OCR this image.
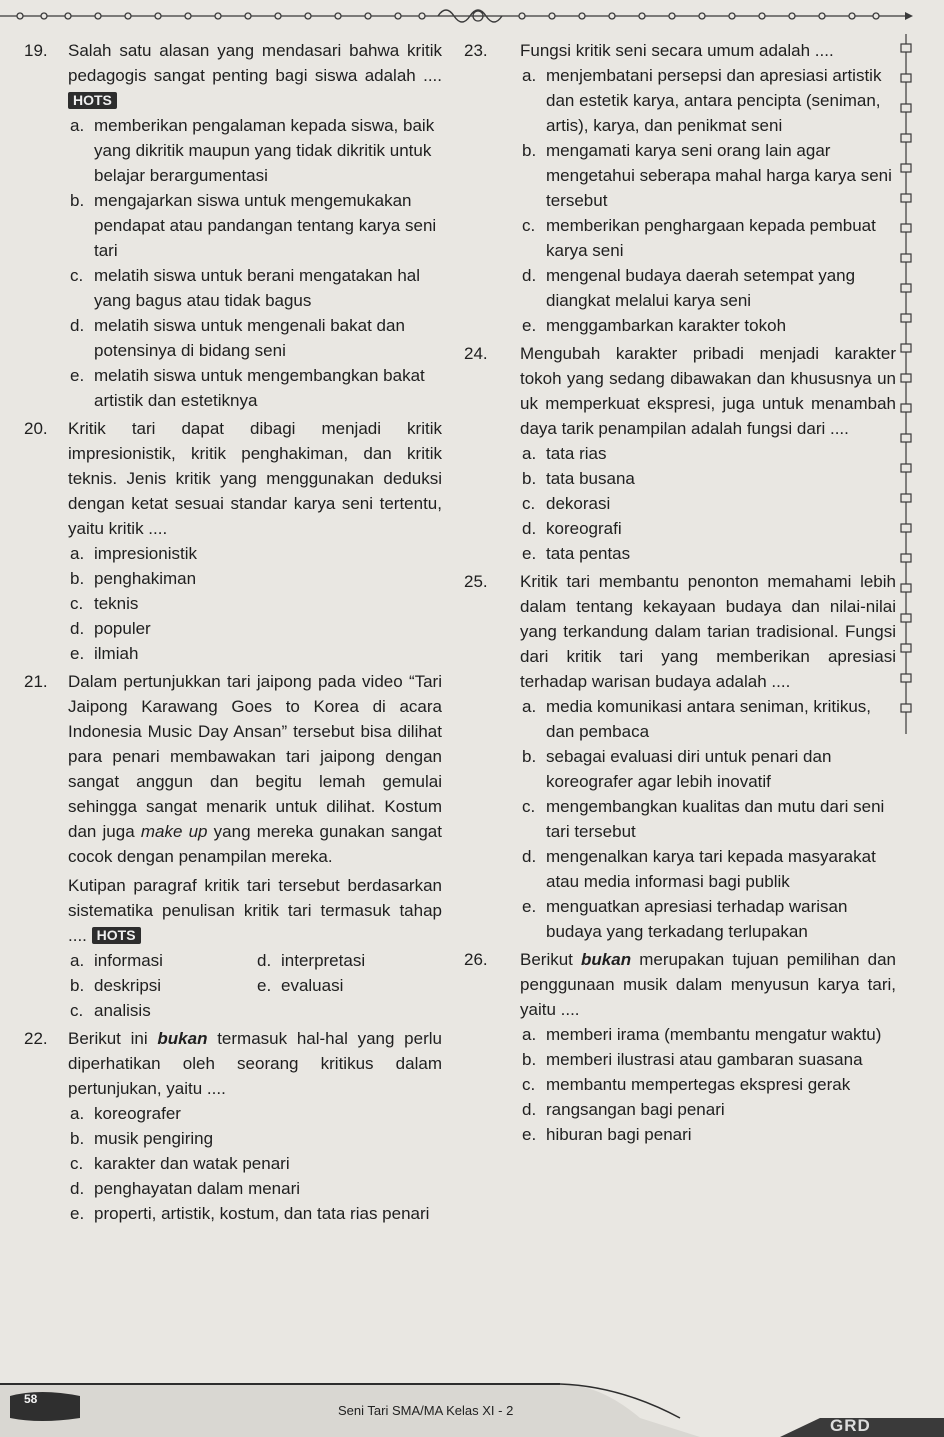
19. Salah satu alasan yang mendasari bahwa kritik pedagogis sangat penting bagi siswa adalah .... HOTS
a. memberikan pengalaman kepada siswa, baik yang dikritik maupun yang tidak dikritik untuk belajar berargumentasi
b. mengajarkan siswa untuk mengemukakan pendapat atau pandangan tentang karya seni tari
c. melatih siswa untuk berani mengatakan hal yang bagus atau tidak bagus
d. melatih siswa untuk mengenali bakat dan potensinya di bidang seni
e. melatih siswa untuk mengembangkan bakat artistik dan estetiknya
20. Kritik tari dapat dibagi menjadi kritik impresionistik, kritik penghakiman, dan kritik teknis. Jenis kritik yang menggunakan deduksi dengan ketat sesuai standar karya seni tertentu, yaitu kritik ....
a. impresionistik
b. penghakiman
c. teknis
d. populer
e. ilmiah
21. Dalam pertunjukkan tari jaipong pada video “Tari Jaipong Karawang Goes to Korea di acara Indonesia Music Day Ansan” tersebut bisa dilihat para penari membawakan tari jaipong dengan sangat anggun dan begitu lemah gemulai sehingga sangat menarik untuk dilihat. Kostum dan juga make up yang mereka gunakan sangat cocok dengan penampilan mereka.
Kutipan paragraf kritik tari tersebut berdasarkan sistematika penulisan kritik tari termasuk tahap .... HOTS
a. informasi	d. interpretasi
b. deskripsi	e. evaluasi
c. analisis
22. Berikut ini bukan termasuk hal-hal yang perlu diperhatikan oleh seorang kritikus dalam pertunjukan, yaitu ....
a. koreografer
b. musik pengiring
c. karakter dan watak penari
d. penghayatan dalam menari
e. properti, artistik, kostum, dan tata rias penari
23. Fungsi kritik seni secara umum adalah ....
a. menjembatani persepsi dan apresiasi artistik dan estetik karya, antara pencipta (seniman, artis), karya, dan penikmat seni
b. mengamati karya seni orang lain agar mengetahui seberapa mahal harga karya seni tersebut
c. memberikan penghargaan kepada pembuat karya seni
d. mengenal budaya daerah setempat yang diangkat melalui karya seni
e. menggambarkan karakter tokoh
24. Mengubah karakter pribadi menjadi karakter tokoh yang sedang dibawakan dan khususnya un uk memperkuat ekspresi, juga untuk menambah daya tarik penampilan adalah fungsi dari ....
a. tata rias
b. tata busana
c. dekorasi
d. koreografi
e. tata pentas
25. Kritik tari membantu penonton memahami lebih dalam tentang kekayaan budaya dan nilai-nilai yang terkandung dalam tarian tradisional. Fungsi dari kritik tari yang memberikan apresiasi terhadap warisan budaya adalah ....
a. media komunikasi antara seniman, kritikus, dan pembaca
b. sebagai evaluasi diri untuk penari dan koreografer agar lebih inovatif
c. mengembangkan kualitas dan mutu dari seni tari tersebut
d. mengenalkan karya tari kepada masyarakat atau media informasi bagi publik
e. menguatkan apresiasi terhadap warisan budaya yang terkadang terlupakan
26. Berikut bukan merupakan tujuan pemilihan dan penggunaan musik dalam menyusun karya tari, yaitu ....
a. memberi irama (membantu mengatur waktu)
b. memberi ilustrasi atau gambaran suasana
c. membantu mempertegas ekspresi gerak
d. rangsangan bagi penari
e. hiburan bagi penari
58
Seni Tari SMA/MA Kelas XI - 2
GRD
